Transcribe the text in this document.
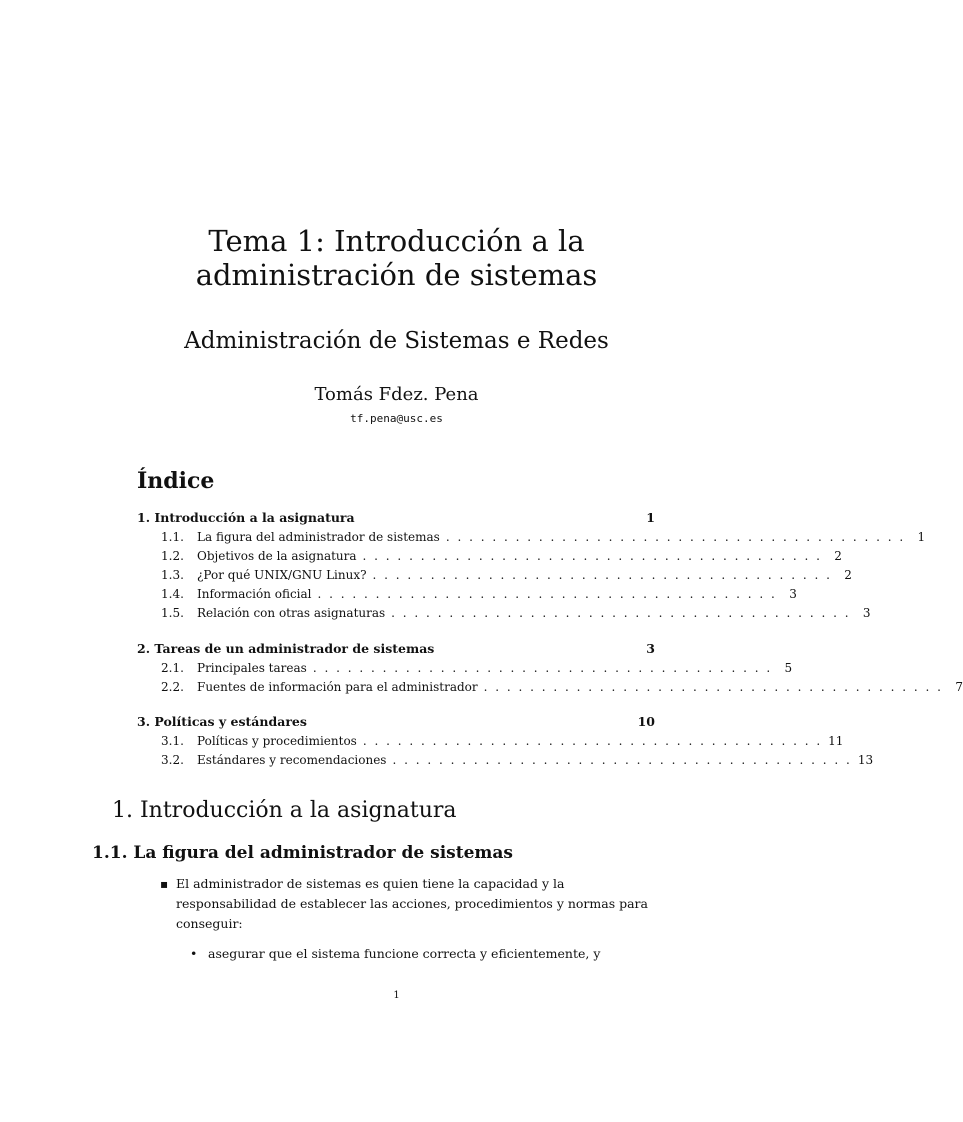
Tema 1: Introducción a la
administración de sistemas
Administración de Sistemas e Redes
Tomás Fdez. Pena
tf.pena@usc.es
Índice
1. Introducción a la asignatura	1
1.1.	La figura del administrador de sistemas . . . . . . . . . . . . . . . . . . . . . . . . . . . . . . . . . . . . . . . .	1
1.2.	Objetivos de la asignatura . . . . . . . . . . . . . . . . . . . . . . . . . . . . . . . . . . . . . . . .	2
1.3.	¿Por qué UNIX/GNU Linux? . . . . . . . . . . . . . . . . . . . . . . . . . . . . . . . . . . . . . . . .	2
1.4.	Información oficial . . . . . . . . . . . . . . . . . . . . . . . . . . . . . . . . . . . . . . . .	3
1.5.	Relación con otras asignaturas . . . . . . . . . . . . . . . . . . . . . . . . . . . . . . . . . . . . . . . .	3
2. Tareas de un administrador de sistemas	3
2.1.	Principales tareas . . . . . . . . . . . . . . . . . . . . . . . . . . . . . . . . . . . . . . . .	5
2.2.	Fuentes de información para el administrador . . . . . . . . . . . . . . . . . . . . . . . . . . . . . . . . . . . . . . . .	7
3. Políticas y estándares	10
3.1.	Políticas y procedimientos . . . . . . . . . . . . . . . . . . . . . . . . . . . . . . . . . . . . . . . . 11
3.2.	Estándares y recomendaciones . . . . . . . . . . . . . . . . . . . . . . . . . . . . . . . . . . . . . . . . 13
1. Introducción a la asignatura
1.1. La figura del administrador de sistemas
▪ El administrador de sistemas es quien tiene la capacidad y la responsabilidad de establecer las acciones, procedimientos y normas para conseguir:
• asegurar que el sistema funcione correcta y eficientemente, y
1
